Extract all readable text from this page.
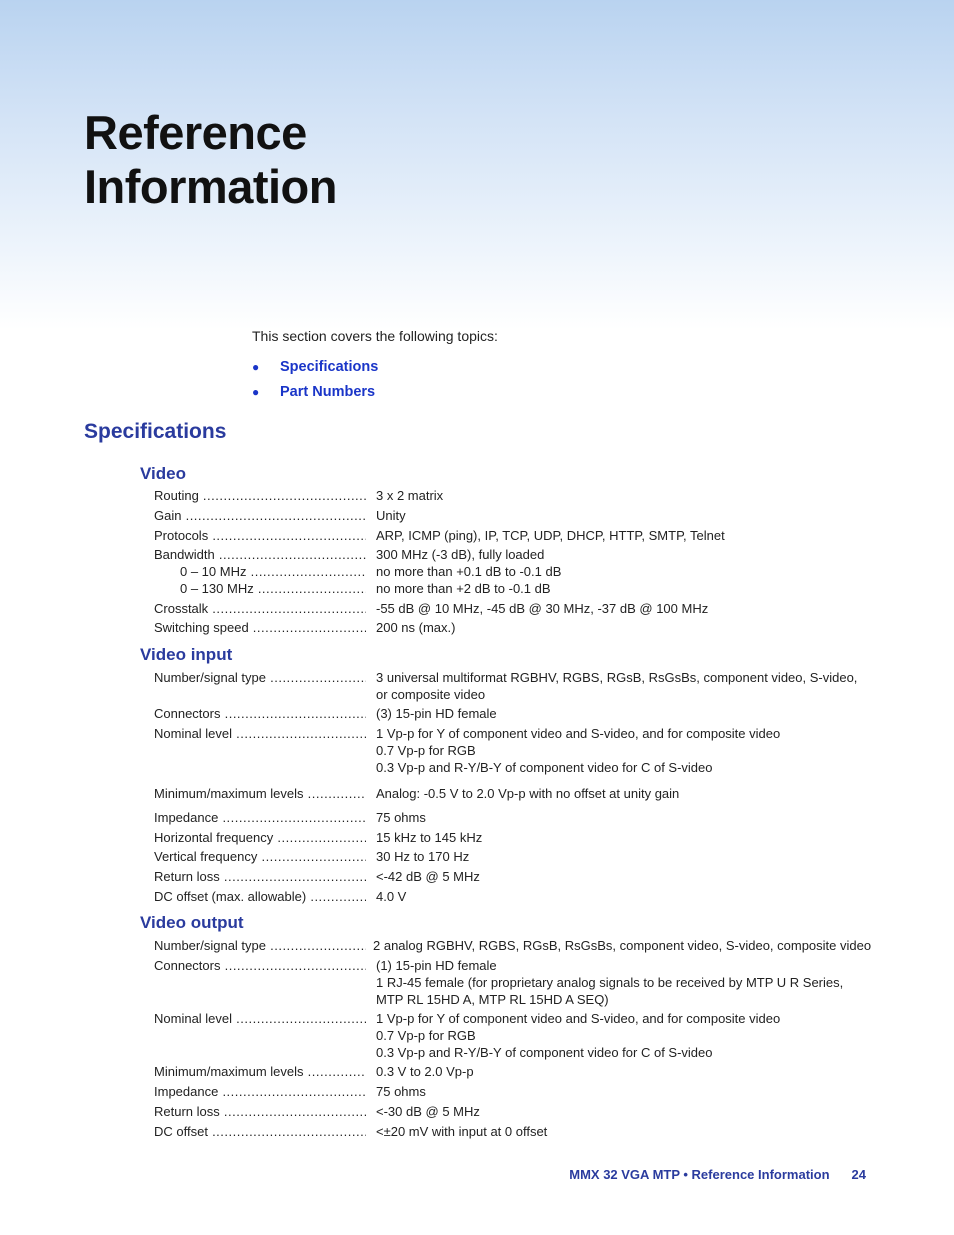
Reference
Information
This section covers the following topics:
●	Specifications
●	Part Numbers
Specifications
Video
Routing .....	3 x 2 matrix
Gain .....	Unity
Protocols .....	ARP, ICMP (ping), IP, TCP, UDP, DHCP, HTTP, SMTP, Telnet
Bandwidth .....	300 MHz (-3 dB), fully loaded
0 – 10 MHz .....	no more than +0.1 dB to -0.1 dB
0 – 130 MHz .....	no more than +2 dB to -0.1 dB
Crosstalk .....	-55 dB @ 10 MHz, -45 dB @ 30 MHz, -37 dB @ 100 MHz
Switching speed .....	200 ns (max.)
Video input
Number/signal type .....	3 universal multiformat RGBHV, RGBS, RGsB, RsGsBs, component video, S-video,
or composite video
Connectors .....	(3) 15-pin HD female
Nominal level .....	1 Vp-p for Y of component video and S-video, and for composite video
0.7 Vp-p for RGB
0.3 Vp-p and R-Y/B-Y of component video for C of S-video
Minimum/maximum levels .....	Analog: -0.5 V to 2.0 Vp-p with no offset at unity gain
Impedance .....	75 ohms
Horizontal frequency .....	15 kHz to 145 kHz
Vertical frequency .....	30 Hz to 170 Hz
Return loss .....	<-42 dB @ 5 MHz
DC offset (max. allowable) .....	4.0 V
Video output
Number/signal type .....	2 analog RGBHV, RGBS, RGsB, RsGsBs, component video, S-video, composite video
Connectors .....	(1) 15-pin HD female
1 RJ-45 female (for proprietary analog signals to be received by MTP U R Series,
MTP RL 15HD A, MTP RL 15HD A SEQ)
Nominal level .....	1 Vp-p for Y of component video and S-video, and for composite video
0.7 Vp-p for RGB
0.3 Vp-p and R-Y/B-Y of component video for C of S-video
Minimum/maximum levels .....	0.3 V to 2.0 Vp-p
Impedance .....	75 ohms
Return loss .....	<-30 dB @ 5 MHz
DC offset .....	<±20 mV with input at 0 offset
MMX 32 VGA MTP • Reference Information 24
